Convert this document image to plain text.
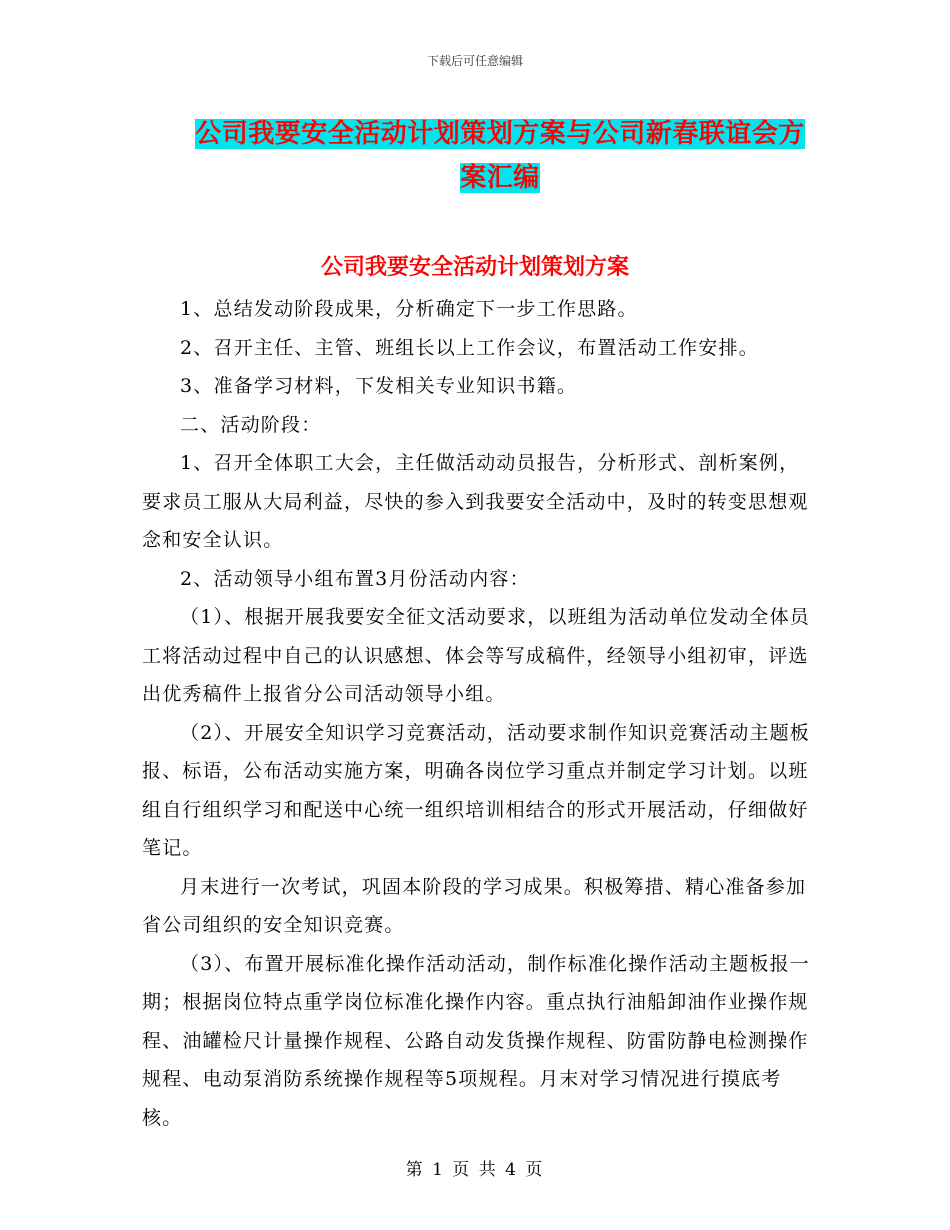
下载后可任意编辑
公司我要安全活动计划策划方案与公司新春联谊会方案汇编
公司我要安全活动计划策划方案

1、总结发动阶段成果，分析确定下一步工作思路。

2、召开主任、主管、班组长以上工作会议，布置活动工作安排。

3、准备学习材料，下发相关专业知识书籍。

二、活动阶段：

1、召开全体职工大会，主任做活动动员报告，分析形式、剖析案例，要求员工服从大局利益，尽快的参入到我要安全活动中，及时的转变思想观念和安全认识。

2、活动领导小组布置3月份活动内容：

（1）、根据开展我要安全征文活动要求，以班组为活动单位发动全体员工将活动过程中自己的认识感想、体会等写成稿件，经领导小组初审，评选出优秀稿件上报省分公司活动领导小组。

（2）、开展安全知识学习竞赛活动，活动要求制作知识竞赛活动主题板报、标语，公布活动实施方案，明确各岗位学习重点并制定学习计划。以班组自行组织学习和配送中心统一组织培训相结合的形式开展活动，仔细做好笔记。

月末进行一次考试，巩固本阶段的学习成果。积极筹措、精心准备参加省公司组织的安全知识竞赛。

（3）、布置开展标准化操作活动活动，制作标准化操作活动主题板报一期；根据岗位特点重学岗位标准化操作内容。重点执行油船卸油作业操作规程、油罐检尺计量操作规程、公路自动发货操作规程、防雷防静电检测操作规程、电动泵消防系统操作规程等5项规程。月末对学习情况进行摸底考核。

第 1 页 共 4 页
